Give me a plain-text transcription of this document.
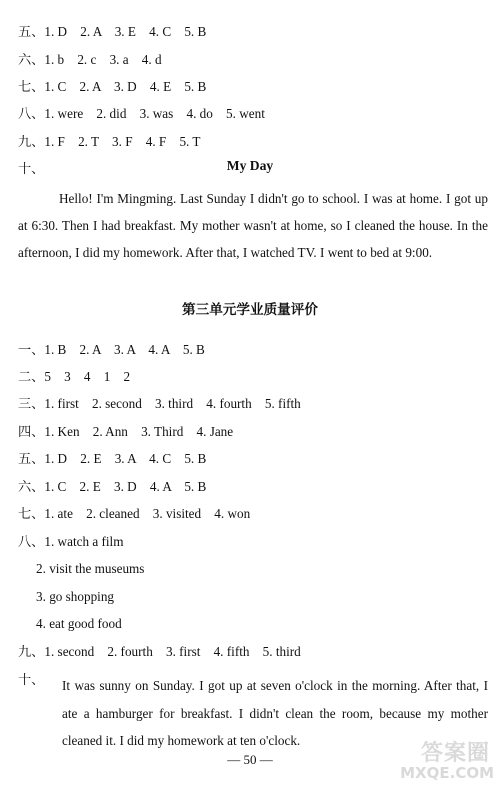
五、1. D　2. A　3. E　4. C　5. B
六、1. b　2. c　3. a　4. d
七、1. C　2. A　3. D　4. E　5. B
八、1. were　2. did　3. was　4. do　5. went
九、1. F　2. T　3. F　4. F　5. T
十、	My Day
Hello! I'm Mingming. Last Sunday I didn't go to school. I was at home. I got up at 6:30. Then I had breakfast. My mother wasn't at home, so I cleaned the house. In the afternoon, I did my homework. After that, I watched TV. I went to bed at 9:00.
第三单元学业质量评价
一、1. B　2. A　3. A　4. A　5. B
二、5　3　4　1　2
三、1. first　2. second　3. third　4. fourth　5. fifth
四、1. Ken　2. Ann　3. Third　4. Jane
五、1. D　2. E　3. A　4. C　5. B
六、1. C　2. E　3. D　4. A　5. B
七、1. ate　2. cleaned　3. visited　4. won
八、1. watch a film
2. visit the museums
3. go shopping
4. eat good food
九、1. second　2. fourth　3. first　4. fifth　5. third
十、	It was sunny on Sunday. I got up at seven o'clock in the morning. After that, I ate a hamburger for breakfast. I didn't clean the room, because my mother cleaned it. I did my homework at ten o'clock.
— 50 —	答案圈
MXQE.COM
